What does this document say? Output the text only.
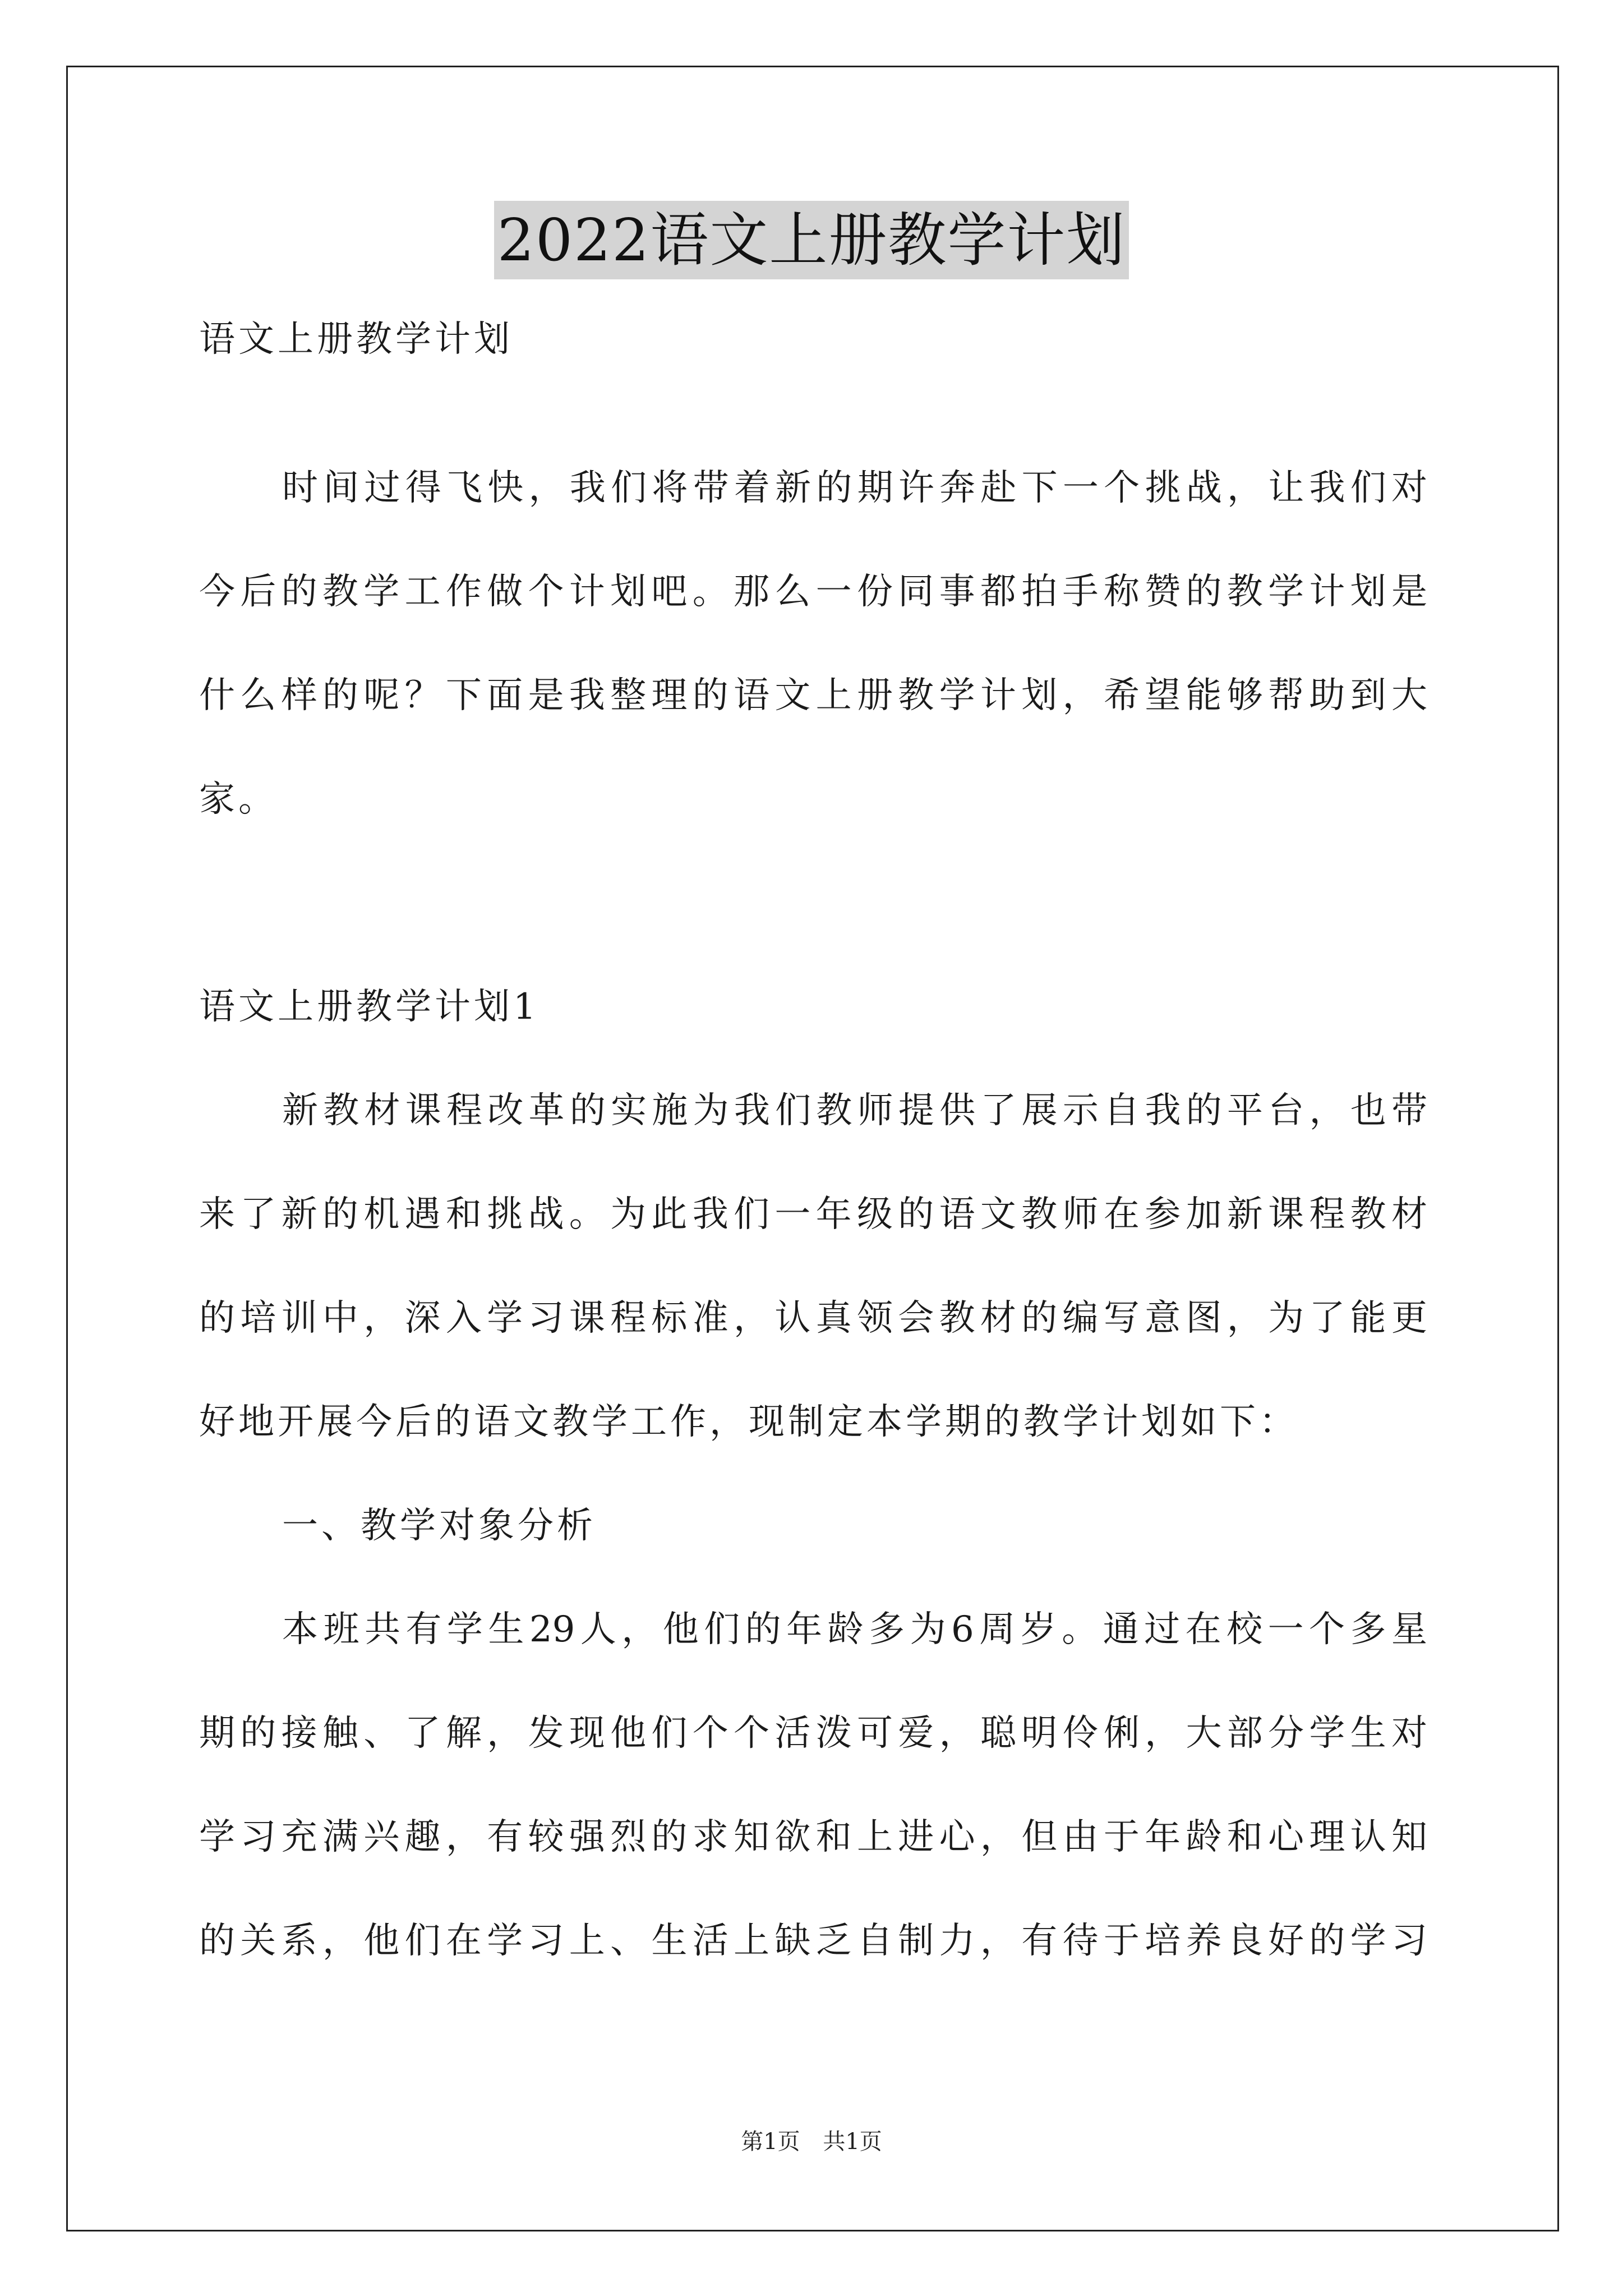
2022语文上册教学计划
语文上册教学计划
时间过得飞快，我们将带着新的期许奔赴下一个挑战，让我们对
今后的教学工作做个计划吧。那么一份同事都拍手称赞的教学计划是
什么样的呢？下面是我整理的语文上册教学计划，希望能够帮助到大
家。
语文上册教学计划1
新教材课程改革的实施为我们教师提供了展示自我的平台，也带
来了新的机遇和挑战。为此我们一年级的语文教师在参加新课程教材
的培训中，深入学习课程标准，认真领会教材的编写意图，为了能更
好地开展今后的语文教学工作，现制定本学期的教学计划如下：
一、教学对象分析
本班共有学生29人，他们的年龄多为6周岁。通过在校一个多星
期的接触、了解，发现他们个个活泼可爱，聪明伶俐，大部分学生对
学习充满兴趣，有较强烈的求知欲和上进心，但由于年龄和心理认知
的关系，他们在学习上、生活上缺乏自制力，有待于培养良好的学习
第1页 共1页
